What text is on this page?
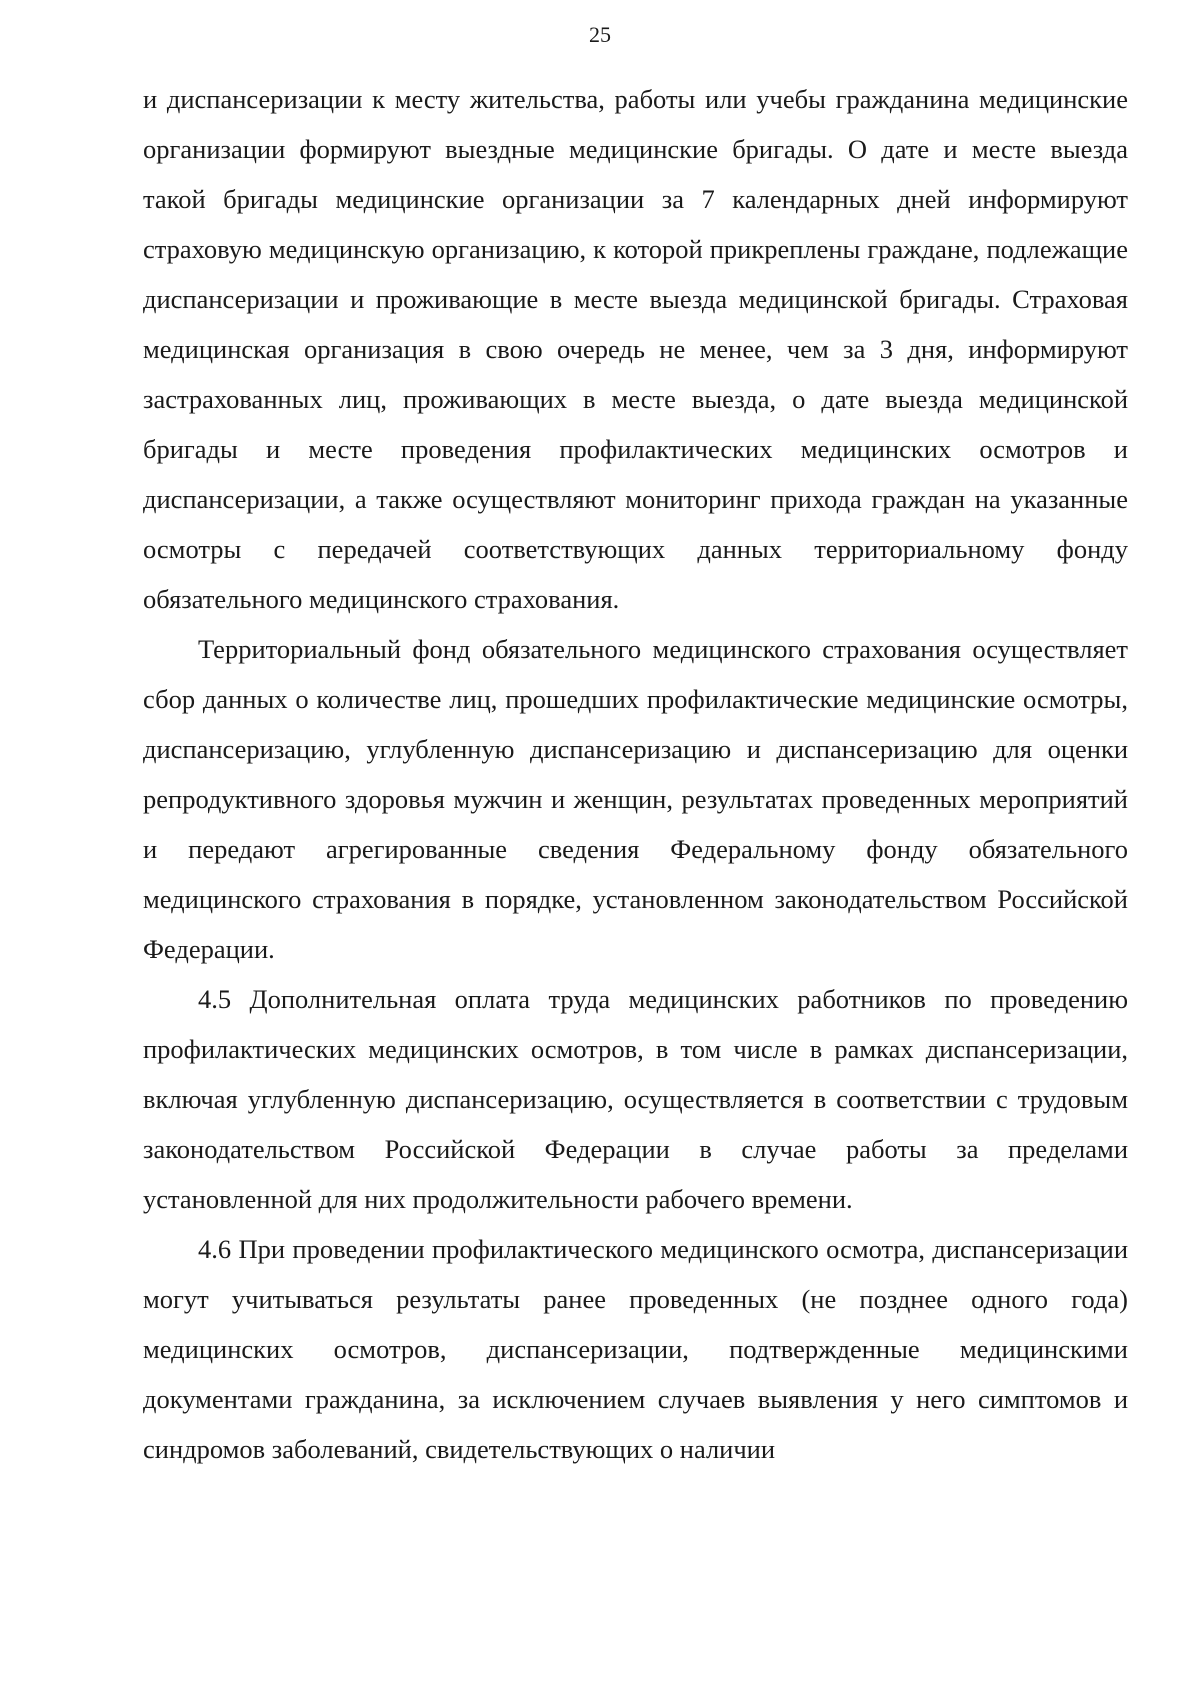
25

и диспансеризации к месту жительства, работы или учебы гражданина медицинские организации формируют выездные медицинские бригады. О дате и месте выезда такой бригады медицинские организации за 7 календарных дней информируют страховую медицинскую организацию, к которой прикреплены граждане, подлежащие диспансеризации и проживающие в месте выезда медицинской бригады. Страховая медицинская организация в свою очередь не менее, чем за 3 дня, информируют застрахованных лиц, проживающих в месте выезда, о дате выезда медицинской бригады и месте проведения профилактических медицинских осмотров и диспансеризации, а также осуществляют мониторинг прихода граждан на указанные осмотры с передачей соответствующих данных территориальному фонду обязательного медицинского страхования.

Территориальный фонд обязательного медицинского страхования осуществляет сбор данных о количестве лиц, прошедших профилактические медицинские осмотры, диспансеризацию, углубленную диспансеризацию и диспансеризацию для оценки репродуктивного здоровья мужчин и женщин, результатах проведенных мероприятий и передают агрегированные сведения Федеральному фонду обязательного медицинского страхования в порядке, установленном законодательством Российской Федерации.

4.5 Дополнительная оплата труда медицинских работников по проведению профилактических медицинских осмотров, в том числе в рамках диспансеризации, включая углубленную диспансеризацию, осуществляется в соответствии с трудовым законодательством Российской Федерации в случае работы за пределами установленной для них продолжительности рабочего времени.

4.6 При проведении профилактического медицинского осмотра, диспансеризации могут учитываться результаты ранее проведенных (не позднее одного года) медицинских осмотров, диспансеризации, подтвержденные медицинскими документами гражданина, за исключением случаев выявления у него симптомов и синдромов заболеваний, свидетельствующих о наличии
